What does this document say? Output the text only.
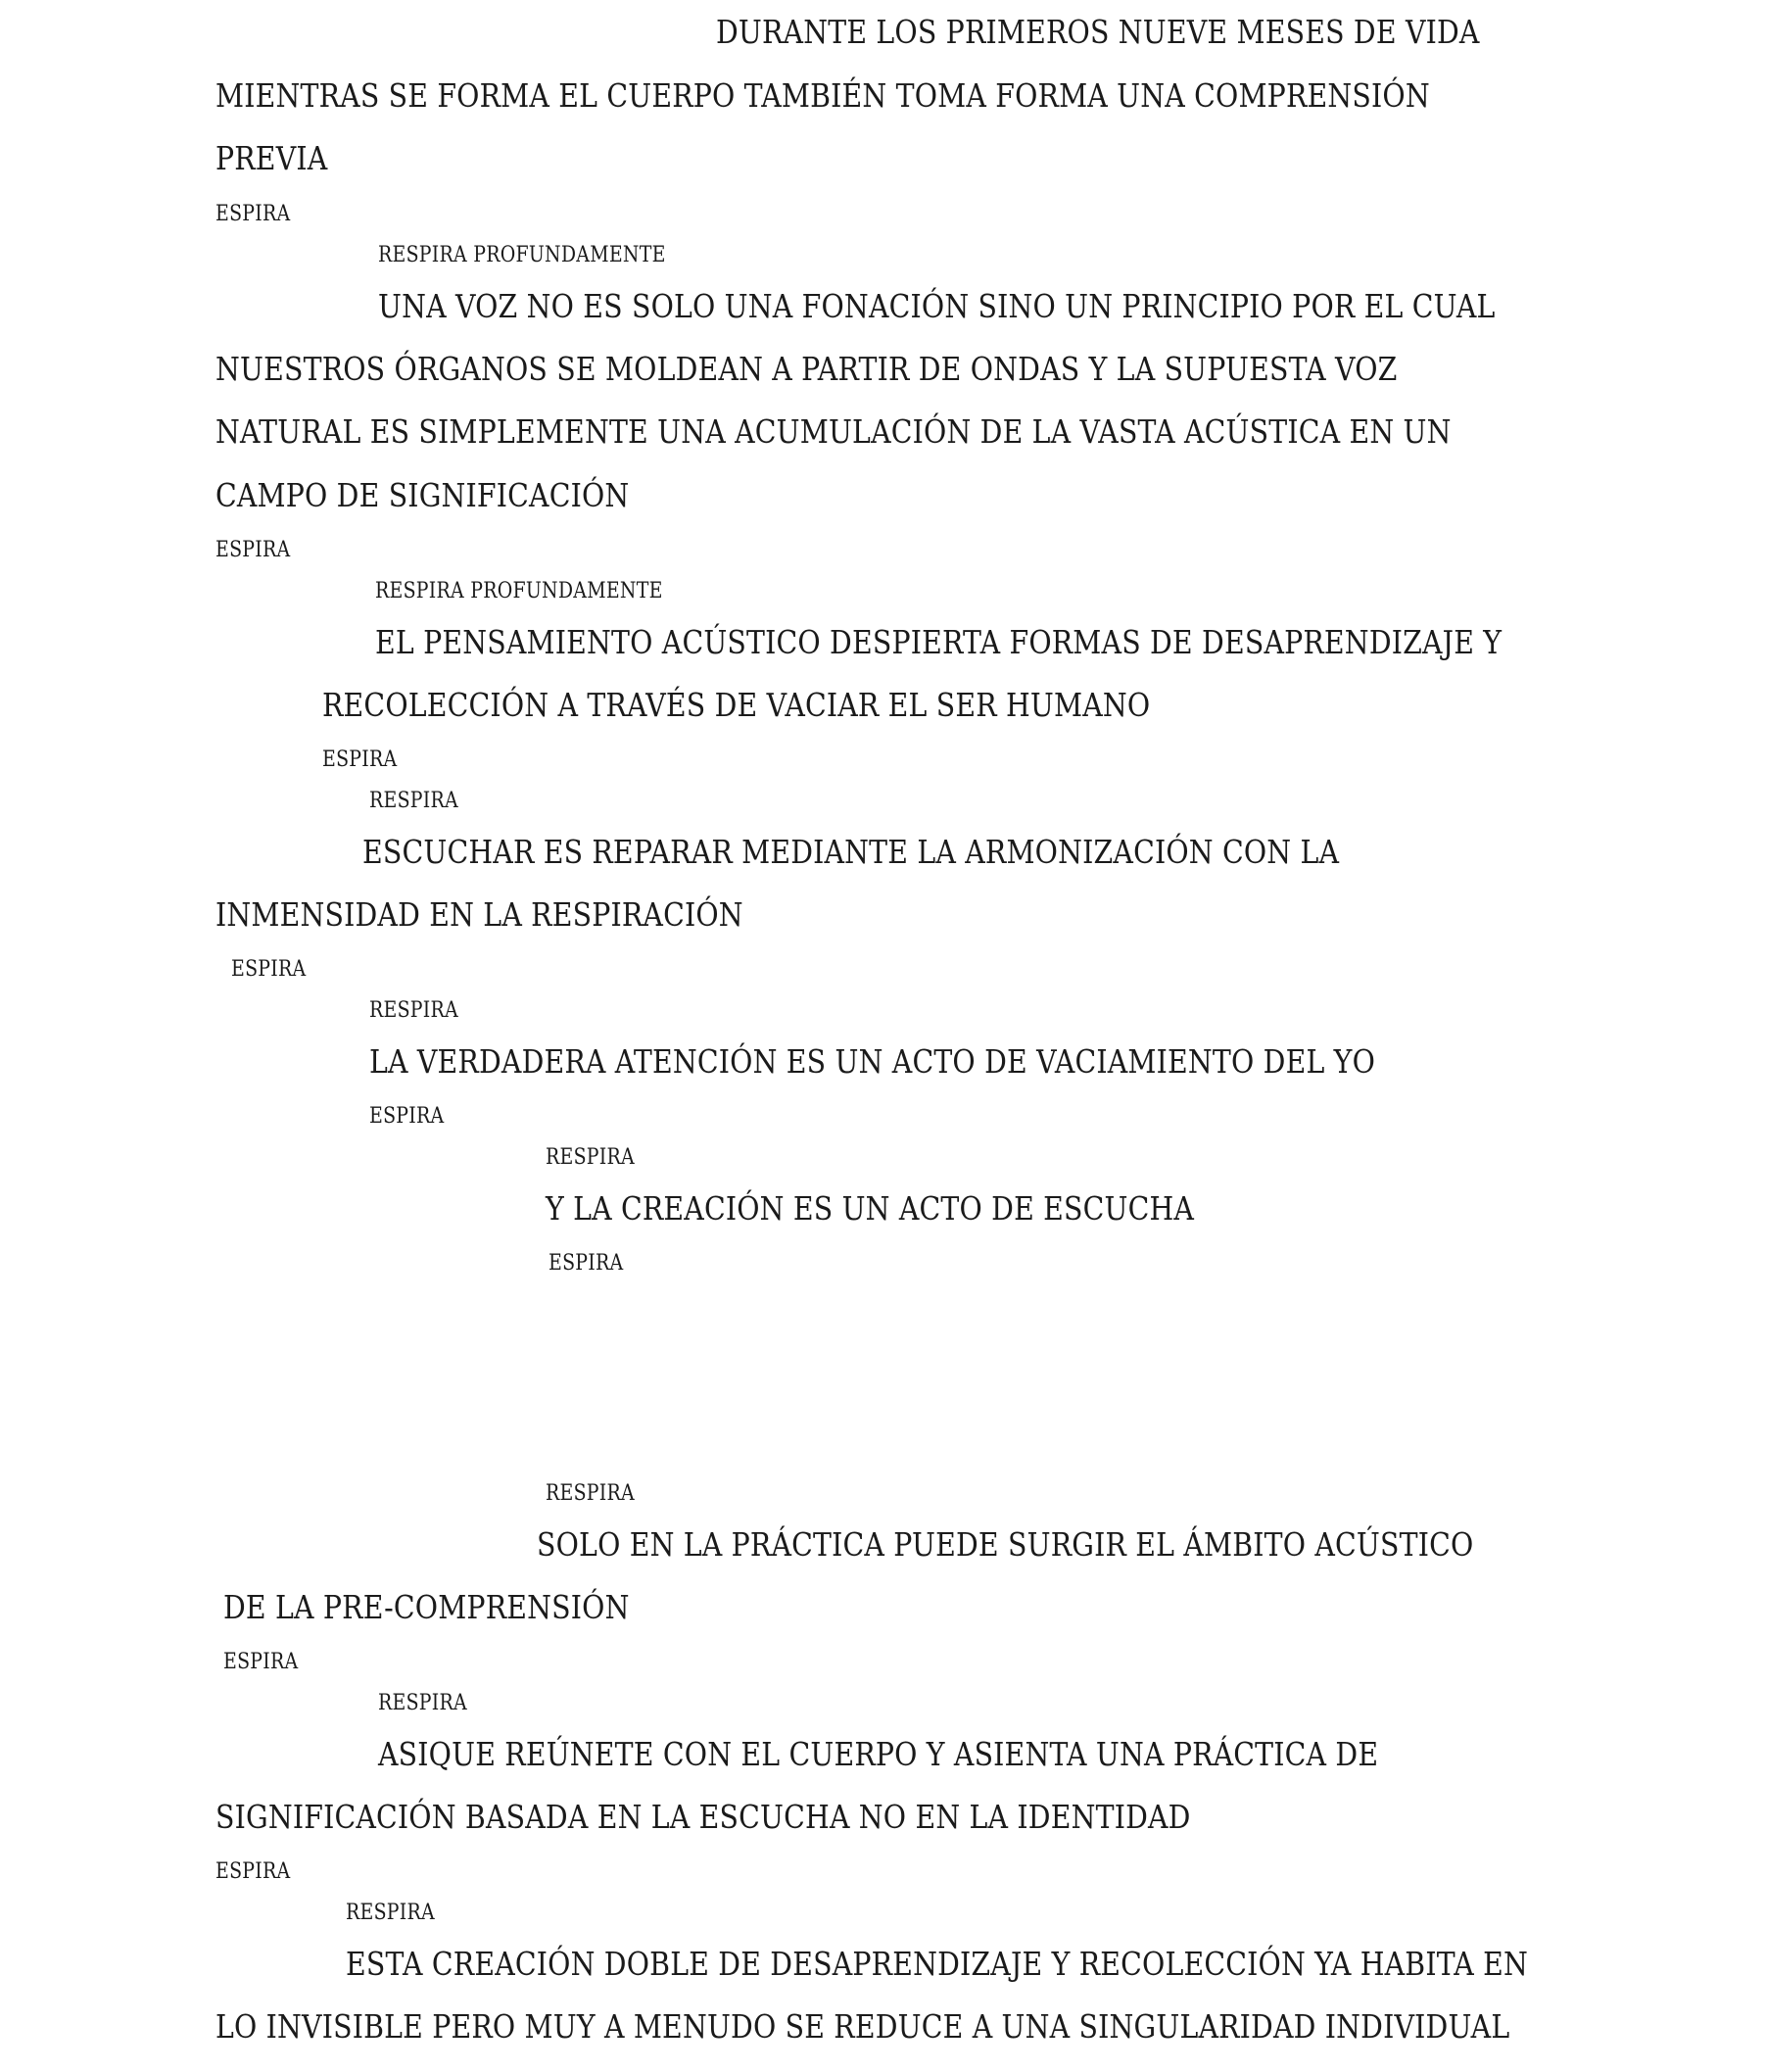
DURANTE LOS PRIMEROS NUEVE MESES DE VIDA
MIENTRAS SE FORMA EL CUERPO TAMBIÉN TOMA FORMA UNA COMPRENSIÓN
PREVIA
ESPIRA
RESPIRA PROFUNDAMENTE
UNA VOZ NO ES SOLO UNA FONACIÓN SINO UN PRINCIPIO POR EL CUAL
NUESTROS ÓRGANOS SE MOLDEAN A PARTIR DE ONDAS Y LA SUPUESTA VOZ
NATURAL ES SIMPLEMENTE UNA ACUMULACIÓN DE LA VASTA ACÚSTICA EN UN
CAMPO DE SIGNIFICACIÓN
ESPIRA
RESPIRA PROFUNDAMENTE
EL PENSAMIENTO ACÚSTICO DESPIERTA FORMAS DE DESAPRENDIZAJE Y
RECOLECCIÓN A TRAVÉS DE VACIAR EL SER HUMANO
ESPIRA
RESPIRA
ESCUCHAR ES REPARAR MEDIANTE LA ARMONIZACIÓN CON LA
INMENSIDAD EN LA RESPIRACIÓN
ESPIRA
RESPIRA
LA VERDADERA ATENCIÓN ES UN ACTO DE VACIAMIENTO DEL YO
ESPIRA
RESPIRA
Y LA CREACIÓN ES UN ACTO DE ESCUCHA
ESPIRA
RESPIRA
SOLO EN LA PRÁCTICA PUEDE SURGIR EL ÁMBITO ACÚSTICO
DE LA PRE-COMPRENSIÓN
ESPIRA
RESPIRA
ASIQUE REÚNETE CON EL CUERPO Y ASIENTA UNA PRÁCTICA DE
SIGNIFICACIÓN BASADA EN LA ESCUCHA NO EN LA IDENTIDAD
ESPIRA
RESPIRA
ESTA CREACIÓN DOBLE DE DESAPRENDIZAJE Y RECOLECCIÓN YA HABITA EN
LO INVISIBLE PERO MUY A MENUDO SE REDUCE A UNA SINGULARIDAD INDIVIDUAL
